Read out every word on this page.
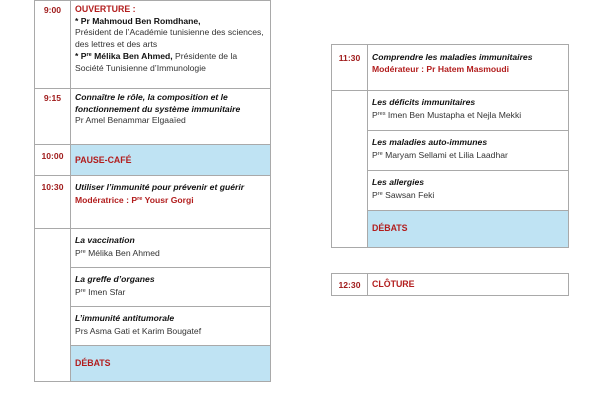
9:00	OUVERTURE :
* Pr Mahmoud Ben Romdhane,
Président de l’Académie tunisienne des sciences, des lettres et des arts
* $P^{re}$ Mélika Ben Ahmed, Présidente de la Société Tunisienne d’Immunologie
9:15	Connaître le rôle, la composition et le fonctionnement du système immunitaire
Pr Amel Benammar Elgaaïed
10:00	PAUSE-CAFÉ
10:30	Utiliser l’immunité pour prévenir et guérir
Modératrice : $P^{re}$ Yousr Gorgi
La vaccination
$P^{re}$ Mélika Ben Ahmed
La greffe d’organes
$P^{re}$ Imen Sfar
L’immunité antitumorale
Prs Asma Gati et Karim Bougatef
DÉBATS
11:30	Comprendre les maladies immunitaires
Modérateur : Pr Hatem Masmoudi
Les déficits immunitaires
$P^{res}$ Imen Ben Mustapha et Nejla Mekki
Les maladies auto-immunes
$P^{re}$ Maryam Sellami et Lilia Laadhar
Les allergies
$P^{re}$ Sawsan Feki
DÉBATS
12:30	CLÔTURE
